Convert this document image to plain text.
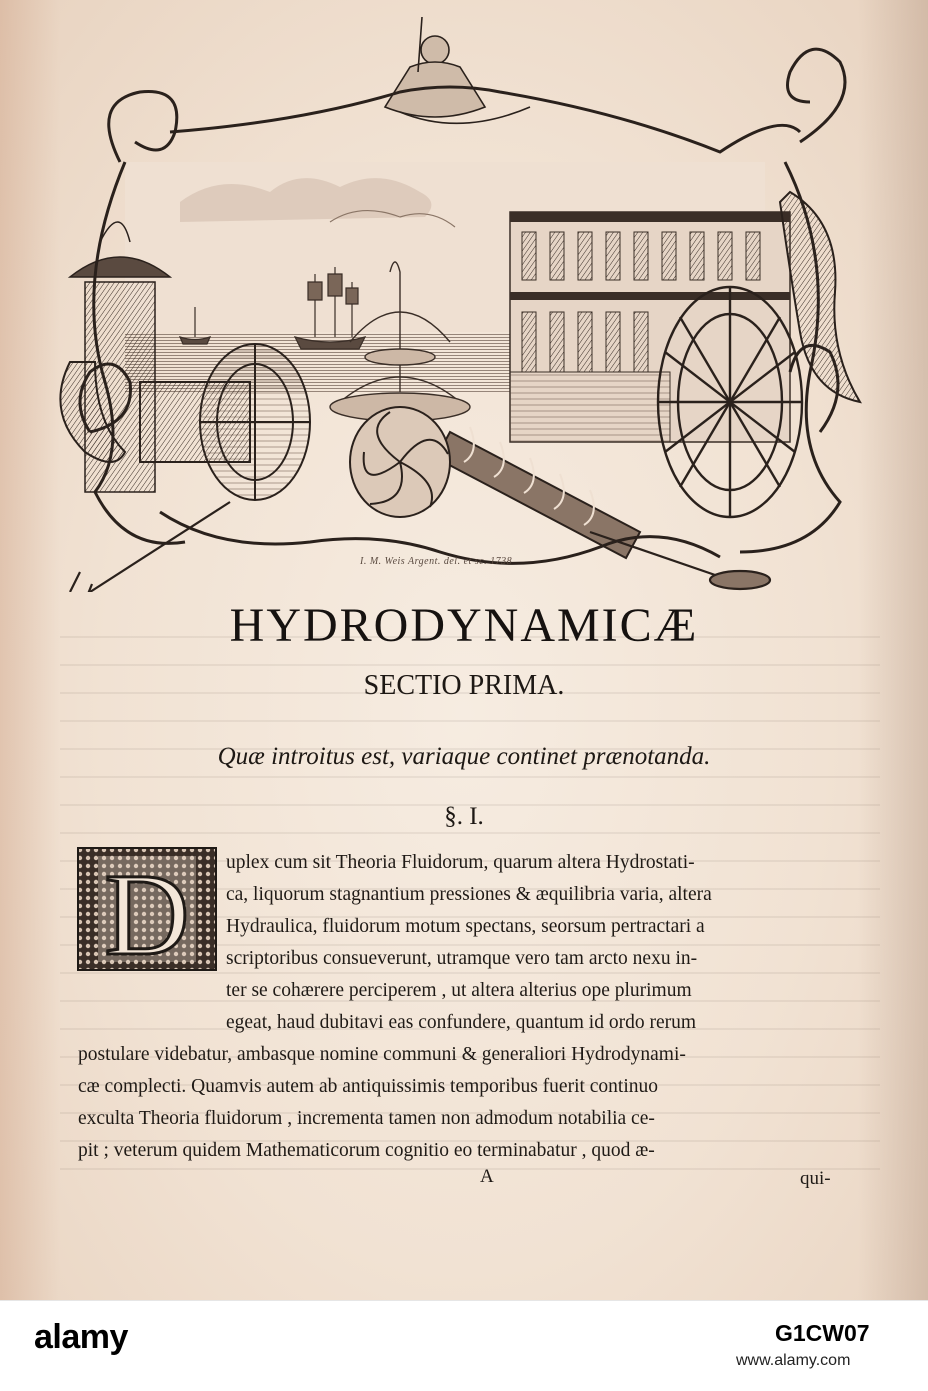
I. M. Weis Argent. del. et sc. 1738
HYDRODYNAMICÆ
SECTIO PRIMA.
Quæ introitus est, variaque continet prænotanda.
§. I.
D uplex cum sit Theoria Fluidorum, quarum altera Hydrostati-
ca, liquorum stagnantium pressiones & æquilibria varia, altera
Hydraulica, fluidorum motum spectans, seorsum pertractari a
scriptoribus consueverunt, utramque vero tam arcto nexu in-
ter se cohærere perciperem , ut altera alterius ope plurimum
egeat, haud dubitavi eas confundere, quantum id ordo rerum
postulare videbatur, ambasque nomine communi & generaliori Hydrodynami-
cæ complecti. Quamvis autem ab antiquissimis temporibus fuerit continuo
exculta Theoria fluidorum , incrementa tamen non admodum notabilia ce-
pit ; veterum quidem Mathematicorum cognitio eo terminabatur , quod æ-
A	qui-
alamy	G1CW07
www.alamy.com
